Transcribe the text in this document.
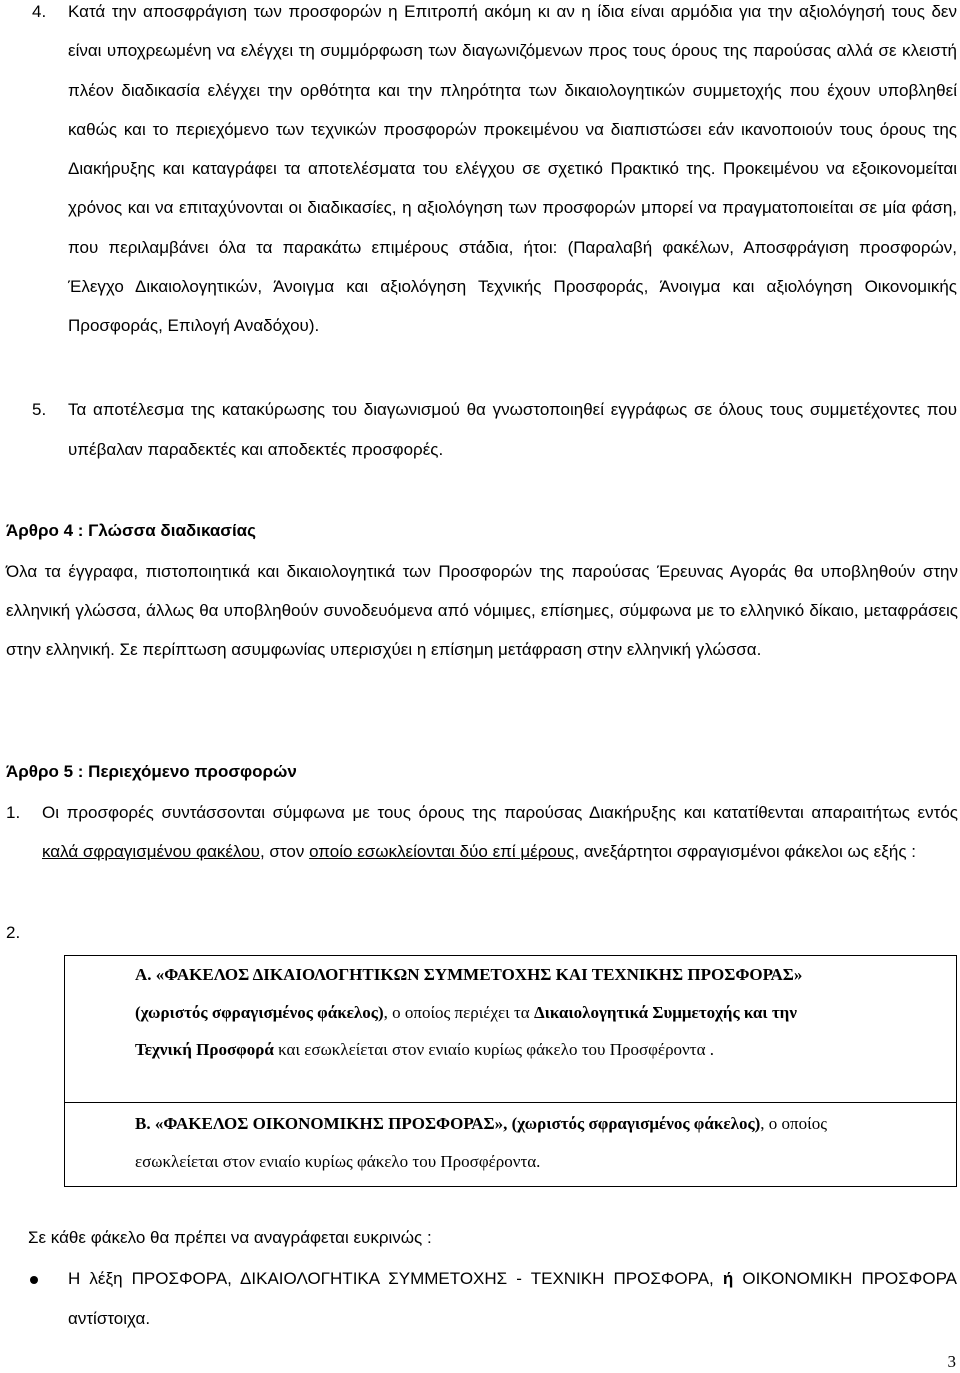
4. Κατά την αποσφράγιση των προσφορών η Επιτροπή ακόμη κι αν η ίδια είναι αρμόδια για την αξιολόγησή τους δεν είναι υποχρεωμένη να ελέγχει τη συμμόρφωση των διαγωνιζόμενων προς τους όρους της παρούσας αλλά σε κλειστή πλέον διαδικασία ελέγχει την ορθότητα και την πληρότητα των δικαιολογητικών συμμετοχής που έχουν υποβληθεί καθώς και το περιεχόμενο των τεχνικών προσφορών προκειμένου να διαπιστώσει εάν ικανοποιούν τους όρους της Διακήρυξης και καταγράφει τα αποτελέσματα του ελέγχου σε σχετικό Πρακτικό της. Προκειμένου να εξοικονομείται χρόνος και να επιταχύνονται οι διαδικασίες, η αξιολόγηση των προσφορών μπορεί να πραγματοποιείται σε μία φάση, που περιλαμβάνει όλα τα παρακάτω επιμέρους στάδια, ήτοι: (Παραλαβή φακέλων, Αποσφράγιση προσφορών, Έλεγχο Δικαιολογητικών, Άνοιγμα και αξιολόγηση Τεχνικής Προσφοράς, Άνοιγμα και αξιολόγηση Οικονομικής Προσφοράς, Επιλογή Αναδόχου).
5. Τα αποτέλεσμα της κατακύρωσης του διαγωνισμού θα γνωστοποιηθεί εγγράφως σε όλους τους συμμετέχοντες που υπέβαλαν παραδεκτές και αποδεκτές προσφορές.
Άρθρο 4 : Γλώσσα διαδικασίας
Όλα τα έγγραφα, πιστοποιητικά και δικαιολογητικά των Προσφορών της παρούσας Έρευνας Αγοράς θα υποβληθούν στην ελληνική γλώσσα, άλλως θα υποβληθούν συνοδευόμενα από νόμιμες, επίσημες, σύμφωνα με το ελληνικό δίκαιο, μεταφράσεις στην ελληνική. Σε περίπτωση ασυμφωνίας υπερισχύει η επίσημη μετάφραση στην ελληνική γλώσσα.
Άρθρο 5 : Περιεχόμενο προσφορών
1. Οι προσφορές συντάσσονται σύμφωνα με τους όρους της παρούσας Διακήρυξης και κατατίθενται απαραιτήτως εντός καλά σφραγισμένου φακέλου, στον οποίο εσωκλείονται δύο επί μέρους, ανεξάρτητοι σφραγισμένοι φάκελοι ως εξής :
2.
Α. «ΦΑΚΕΛΟΣ ΔΙΚΑΙΟΛΟΓΗΤΙΚΩΝ ΣΥΜΜΕΤΟΧΗΣ ΚΑΙ ΤΕΧΝΙΚΗΣ ΠΡΟΣΦΟΡΑΣ» (χωριστός σφραγισμένος φάκελος), ο οποίος περιέχει τα Δικαιολογητικά Συμμετοχής και την Τεχνική Προσφορά και εσωκλείεται στον ενιαίο κυρίως φάκελο του Προσφέροντα .
Β. «ΦΑΚΕΛΟΣ ΟΙΚΟΝΟΜΙΚΗΣ ΠΡΟΣΦΟΡΑΣ», (χωριστός σφραγισμένος φάκελος), ο οποίος εσωκλείεται στον ενιαίο κυρίως φάκελο του Προσφέροντα.
Σε κάθε φάκελο θα πρέπει να αναγράφεται ευκρινώς :
Η λέξη ΠΡΟΣΦΟΡΑ, ΔΙΚΑΙΟΛΟΓΗΤΙΚΑ ΣΥΜΜΕΤΟΧΗΣ - ΤΕΧΝΙΚΗ ΠΡΟΣΦΟΡΑ, ή ΟΙΚΟΝΟΜΙΚΗ ΠΡΟΣΦΟΡΑ αντίστοιχα.
3
